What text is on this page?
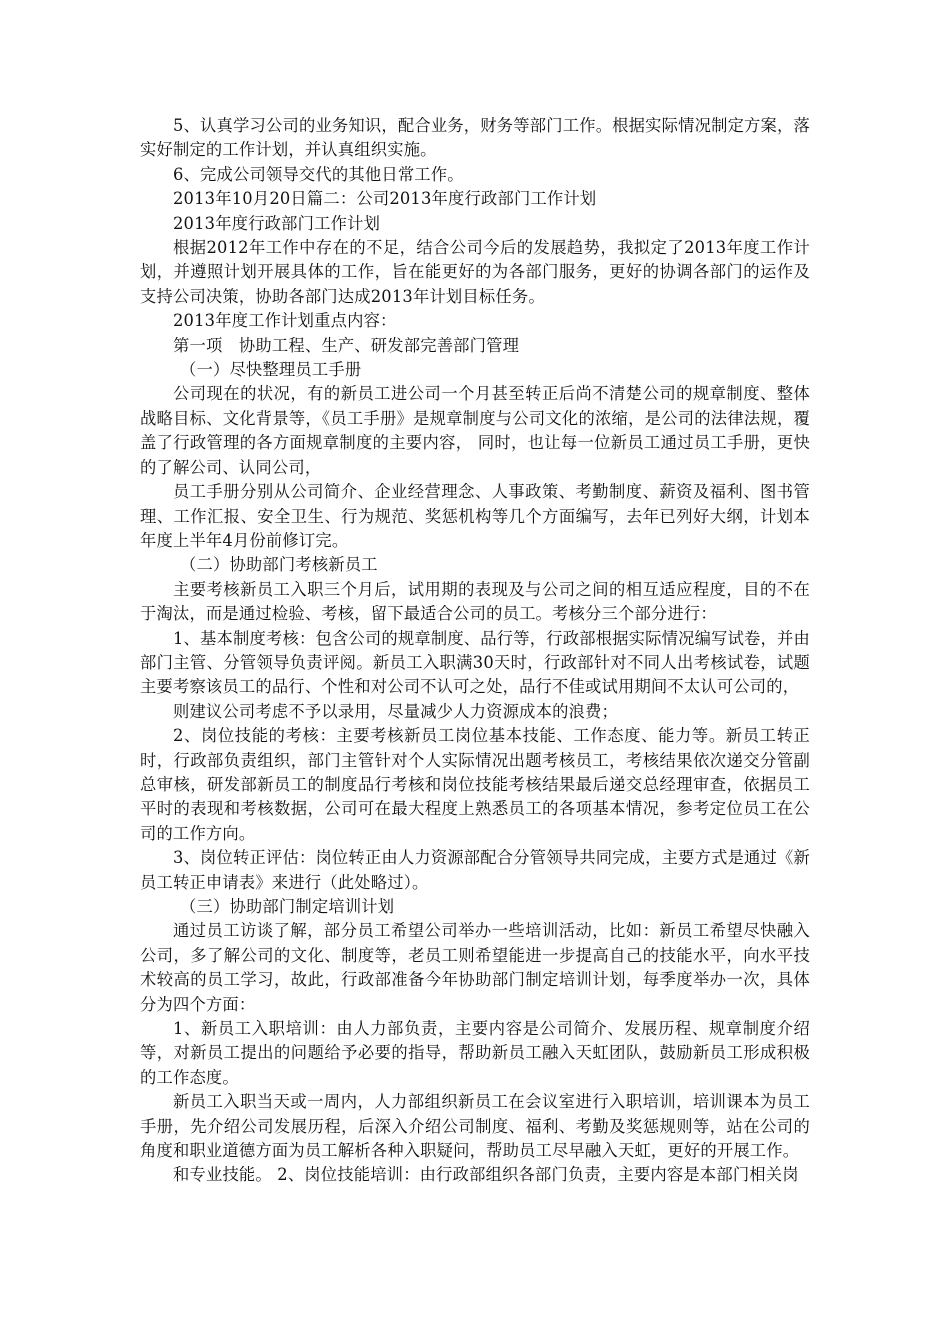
5、认真学习公司的业务知识，配合业务，财务等部门工作。根据实际情况制定方案，落实好制定的工作计划，并认真组织实施。

6、完成公司领导交代的其他日常工作。

2013年10月20日篇二：公司2013年度行政部门工作计划

2013年度行政部门工作计划

根据2012年工作中存在的不足，结合公司今后的发展趋势，我拟定了2013年度工作计划，并遵照计划开展具体的工作，旨在能更好的为各部门服务，更好的协调各部门的运作及支持公司决策，协助各部门达成2013年计划目标任务。

2013年度工作计划重点内容：

第一项　协助工程、生产、研发部完善部门管理

（一）尽快整理员工手册

公司现在的状况，有的新员工进公司一个月甚至转正后尚不清楚公司的规章制度、整体战略目标、文化背景等，《员工手册》是规章制度与公司文化的浓缩，是公司的法律法规，覆盖了行政管理的各方面规章制度的主要内容， 同时，也让每一位新员工通过员工手册，更快的了解公司、认同公司，

员工手册分别从公司简介、企业经营理念、人事政策、考勤制度、薪资及福利、图书管理、工作汇报、安全卫生、行为规范、奖惩机构等几个方面编写，去年已列好大纲，计划本年度上半年4月份前修订完。

（二）协助部门考核新员工

主要考核新员工入职三个月后，试用期的表现及与公司之间的相互适应程度，目的不在于淘汰，而是通过检验、考核，留下最适合公司的员工。考核分三个部分进行：

1、基本制度考核：包含公司的规章制度、品行等，行政部根据实际情况编写试卷，并由部门主管、分管领导负责评阅。新员工入职满30天时，行政部针对不同人出考核试卷，试题主要考察该员工的品行、个性和对公司不认可之处，品行不佳或试用期间不太认可公司的，

则建议公司考虑不予以录用，尽量减少人力资源成本的浪费；

2、岗位技能的考核：主要考核新员工岗位基本技能、工作态度、能力等。新员工转正时，行政部负责组织，部门主管针对个人实际情况出题考核员工，考核结果依次递交分管副总审核，研发部新员工的制度品行考核和岗位技能考核结果最后递交总经理审查，依据员工平时的表现和考核数据，公司可在最大程度上熟悉员工的各项基本情况，参考定位员工在公司的工作方向。

3、岗位转正评估：岗位转正由人力资源部配合分管领导共同完成，主要方式是通过《新员工转正申请表》来进行（此处略过）。

（三）协助部门制定培训计划

通过员工访谈了解，部分员工希望公司举办一些培训活动，比如：新员工希望尽快融入公司，多了解公司的文化、制度等，老员工则希望能进一步提高自己的技能水平，向水平技术较高的员工学习，故此，行政部准备今年协助部门制定培训计划，每季度举办一次，具体分为四个方面：

1、新员工入职培训：由人力部负责，主要内容是公司简介、发展历程、规章制度介绍等，对新员工提出的问题给予必要的指导，帮助新员工融入天虹团队，鼓励新员工形成积极的工作态度。

新员工入职当天或一周内，人力部组织新员工在会议室进行入职培训，培训课本为员工手册，先介绍公司发展历程，后深入介绍公司制度、福利、考勤及奖惩规则等，站在公司的角度和职业道德方面为员工解析各种入职疑问，帮助员工尽早融入天虹，更好的开展工作。

和专业技能。 2、岗位技能培训：由行政部组织各部门负责，主要内容是本部门相关岗
